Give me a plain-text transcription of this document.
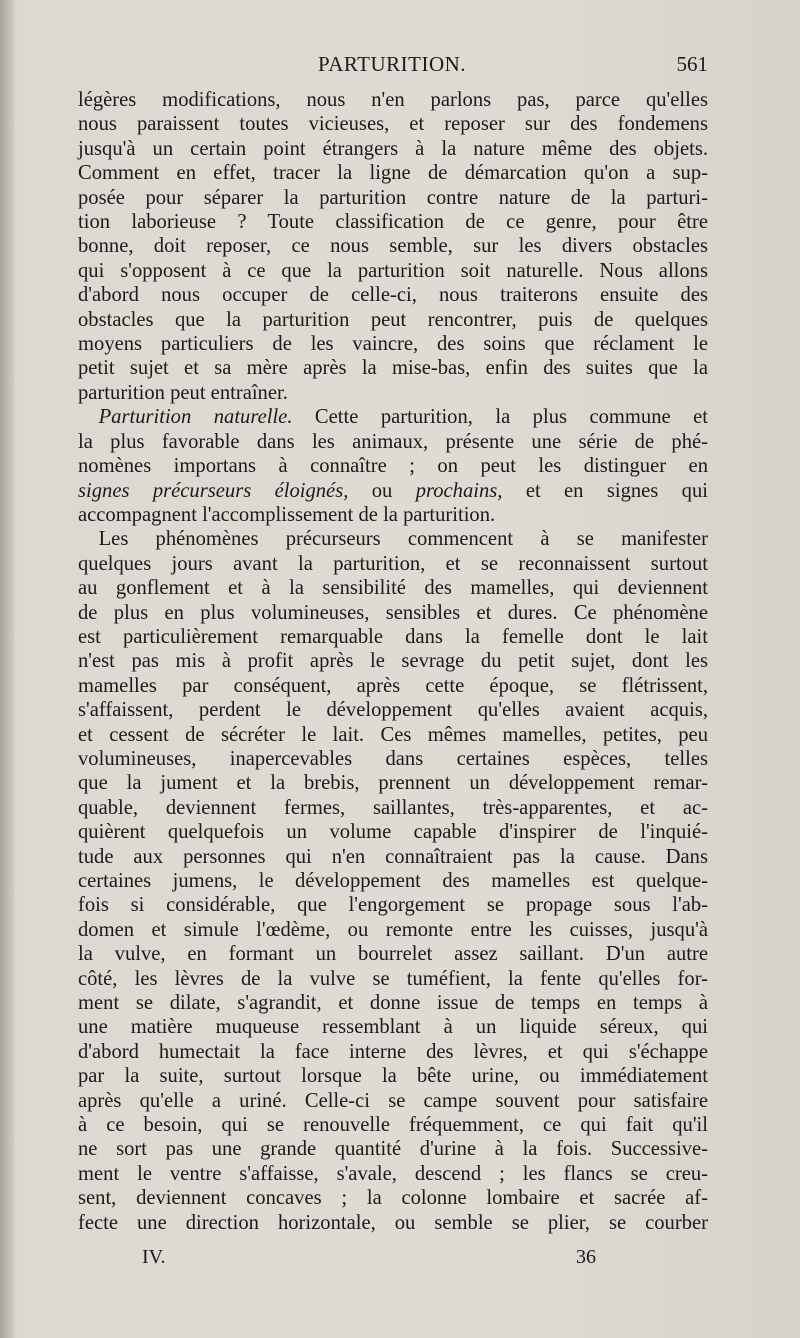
PARTURITION.	561

légères modifications, nous n'en parlons pas, parce qu'elles
nous paraissent toutes vicieuses, et reposer sur des fondemens
jusqu'à un certain point étrangers à la nature même des objets.
Comment en effet, tracer la ligne de démarcation qu'on a sup-
posée pour séparer la parturition contre nature de la parturi-
tion laborieuse ? Toute classification de ce genre, pour être
bonne, doit reposer, ce nous semble, sur les divers obstacles
qui s'opposent à ce que la parturition soit naturelle. Nous allons
d'abord nous occuper de celle-ci, nous traiterons ensuite des
obstacles que la parturition peut rencontrer, puis de quelques
moyens particuliers de les vaincre, des soins que réclament le
petit sujet et sa mère après la mise-bas, enfin des suites que la
parturition peut entraîner.

 Parturition naturelle. Cette parturition, la plus commune et
la plus favorable dans les animaux, présente une série de phé-
nomènes importans à connaître ; on peut les distinguer en
signes précurseurs éloignés, ou prochains, et en signes qui
accompagnent l'accomplissement de la parturition.

 Les phénomènes précurseurs commencent à se manifester
quelques jours avant la parturition, et se reconnaissent surtout
au gonflement et à la sensibilité des mamelles, qui deviennent
de plus en plus volumineuses, sensibles et dures. Ce phénomène
est particulièrement remarquable dans la femelle dont le lait
n'est pas mis à profit après le sevrage du petit sujet, dont les
mamelles par conséquent, après cette époque, se flétrissent,
s'affaissent, perdent le développement qu'elles avaient acquis,
et cessent de sécréter le lait. Ces mêmes mamelles, petites, peu
volumineuses, inapercevables dans certaines espèces, telles
que la jument et la brebis, prennent un développement remar-
quable, deviennent fermes, saillantes, très-apparentes, et ac-
quièrent quelquefois un volume capable d'inspirer de l'inquié-
tude aux personnes qui n'en connaîtraient pas la cause. Dans
certaines jumens, le développement des mamelles est quelque-
fois si considérable, que l'engorgement se propage sous l'ab-
domen et simule l'œdème, ou remonte entre les cuisses, jusqu'à
la vulve, en formant un bourrelet assez saillant. D'un autre
côté, les lèvres de la vulve se tuméfient, la fente qu'elles for-
ment se dilate, s'agrandit, et donne issue de temps en temps à
une matière muqueuse ressemblant à un liquide séreux, qui
d'abord humectait la face interne des lèvres, et qui s'échappe
par la suite, surtout lorsque la bête urine, ou immédiatement
après qu'elle a uriné. Celle-ci se campe souvent pour satisfaire
à ce besoin, qui se renouvelle fréquemment, ce qui fait qu'il
ne sort pas une grande quantité d'urine à la fois. Successive-
ment le ventre s'affaisse, s'avale, descend ; les flancs se creu-
sent, deviennent concaves ; la colonne lombaire et sacrée af-
fecte une direction horizontale, ou semble se plier, se courber

IV.	36
